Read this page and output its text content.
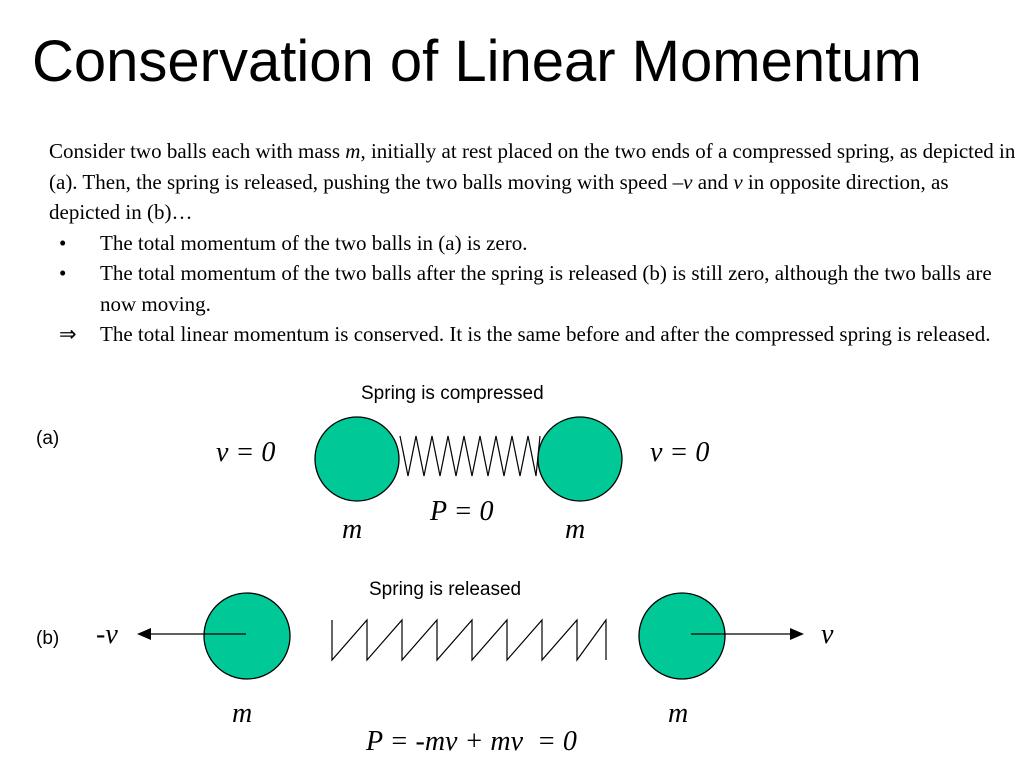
Conservation of Linear Momentum

Consider two balls each with mass m, initially at rest placed on the two ends of a compressed spring, as depicted in (a). Then, the spring is released, pushing the two balls moving with speed –v and v in opposite direction, as depicted in (b)…

•	The total momentum of the two balls in (a) is zero.
•	The total momentum of the two balls after the spring is released (b) is still zero, although the two balls are now moving.
⇒	The total linear momentum is conserved. It is the same before and after the compressed spring is released.
Spring is compressed
(a)	v = 0	v = 0
P = 0
m	m
Spring is released
(b) -v	v
m	m
P = -mv + mv  = 0
